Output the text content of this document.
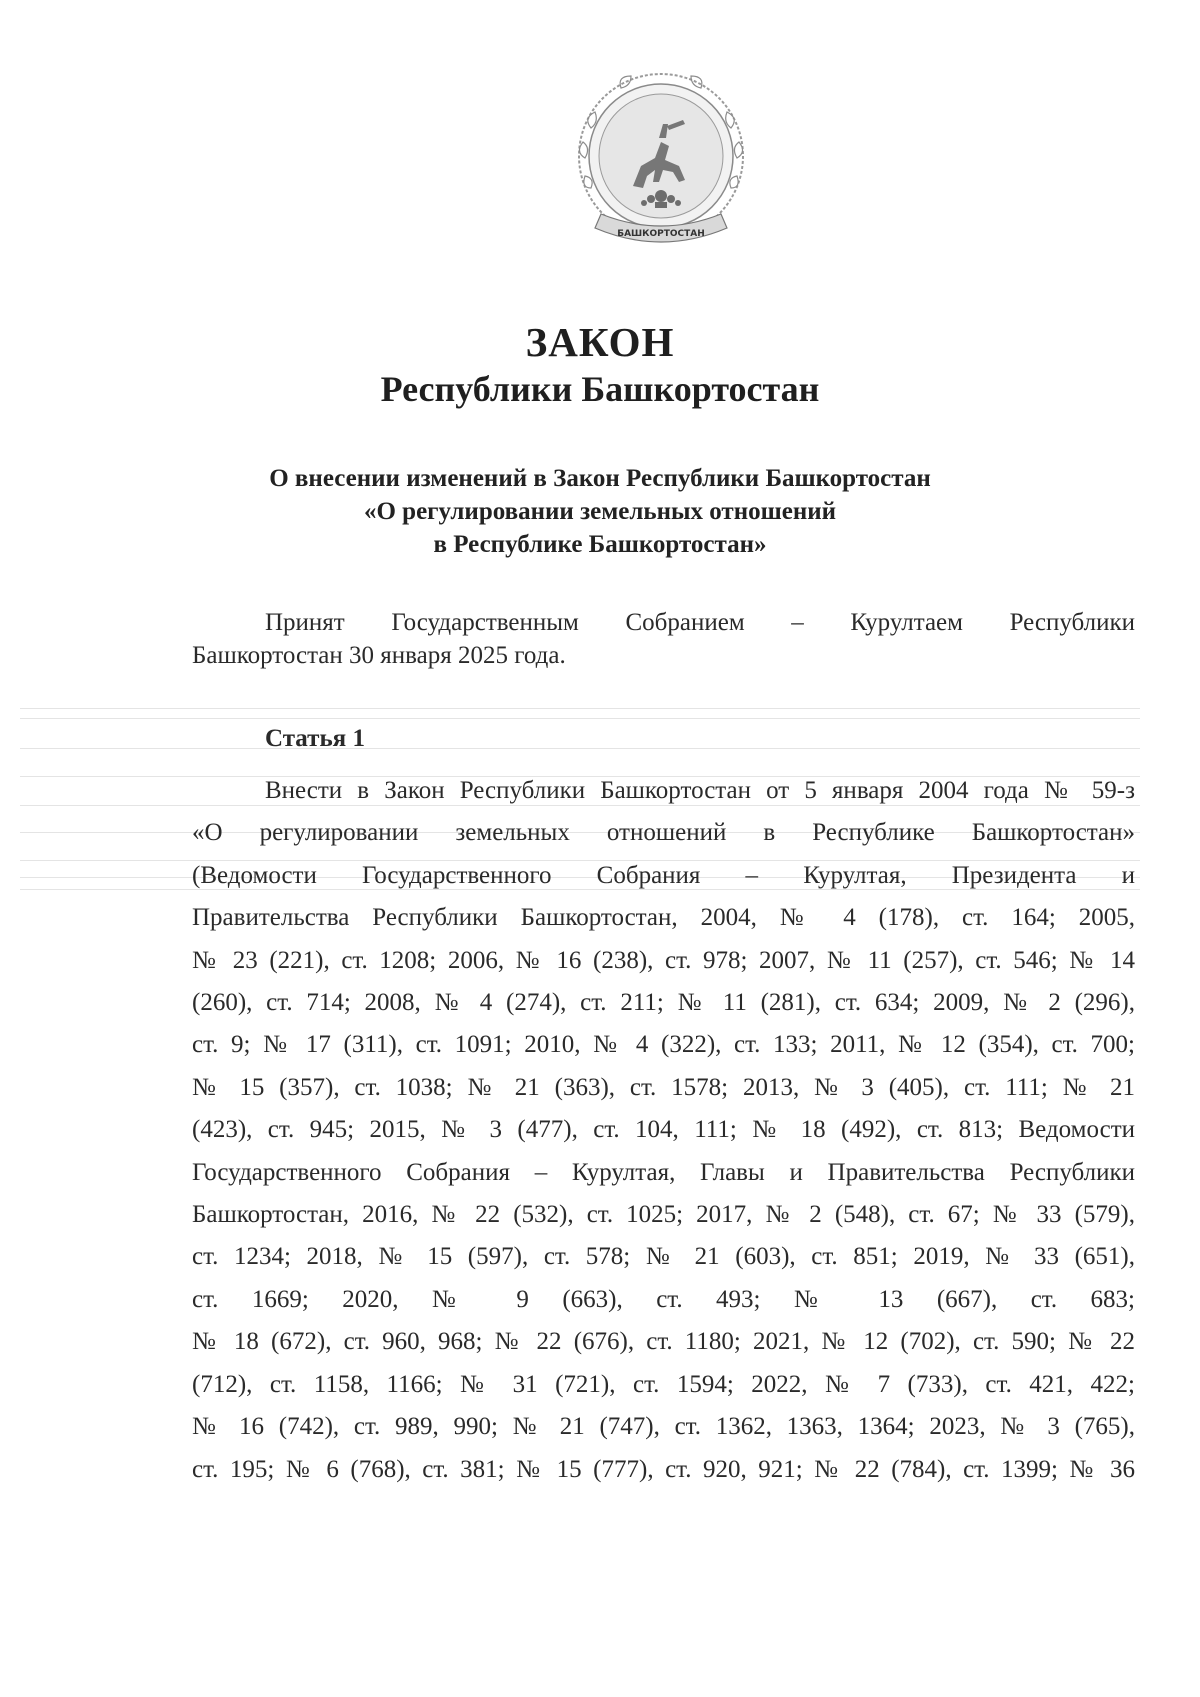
БАШКОРТОСТАН
ЗАКОН
Республики Башкортостан
О внесении изменений в Закон Республики Башкортостан
«О регулировании земельных отношений
в Республике Башкортостан»
Принят Государственным Собранием – Курултаем Республики
Башкортостан 30 января 2025 года.
Статья 1
Внести в Закон Республики Башкортостан от 5 января 2004 года № 59-з
«О регулировании земельных отношений в Республике Башкортостан»
(Ведомости Государственного Собрания – Курултая, Президента и
Правительства Республики Башкортостан, 2004, № 4 (178), ст. 164; 2005,
№ 23 (221), ст. 1208; 2006, № 16 (238), ст. 978; 2007, № 11 (257), ст. 546; № 14
(260), ст. 714; 2008, № 4 (274), ст. 211; № 11 (281), ст. 634; 2009, № 2 (296),
ст. 9; № 17 (311), ст. 1091; 2010, № 4 (322), ст. 133; 2011, № 12 (354), ст. 700;
№ 15 (357), ст. 1038; № 21 (363), ст. 1578; 2013, № 3 (405), ст. 111; № 21
(423), ст. 945; 2015, № 3 (477), ст. 104, 111; № 18 (492), ст. 813; Ведомости
Государственного Собрания – Курултая, Главы и Правительства Республики
Башкортостан, 2016, № 22 (532), ст. 1025; 2017, № 2 (548), ст. 67; № 33 (579),
ст. 1234; 2018, № 15 (597), ст. 578; № 21 (603), ст. 851; 2019, № 33 (651),
ст. 1669; 2020, № 9 (663), ст. 493; № 13 (667), ст. 683;
№ 18 (672), ст. 960, 968; № 22 (676), ст. 1180; 2021, № 12 (702), ст. 590; № 22
(712), ст. 1158, 1166; № 31 (721), ст. 1594; 2022, № 7 (733), ст. 421, 422;
№ 16 (742), ст. 989, 990; № 21 (747), ст. 1362, 1363, 1364; 2023, № 3 (765),
ст. 195; № 6 (768), ст. 381; № 15 (777), ст. 920, 921; № 22 (784), ст. 1399; № 36
